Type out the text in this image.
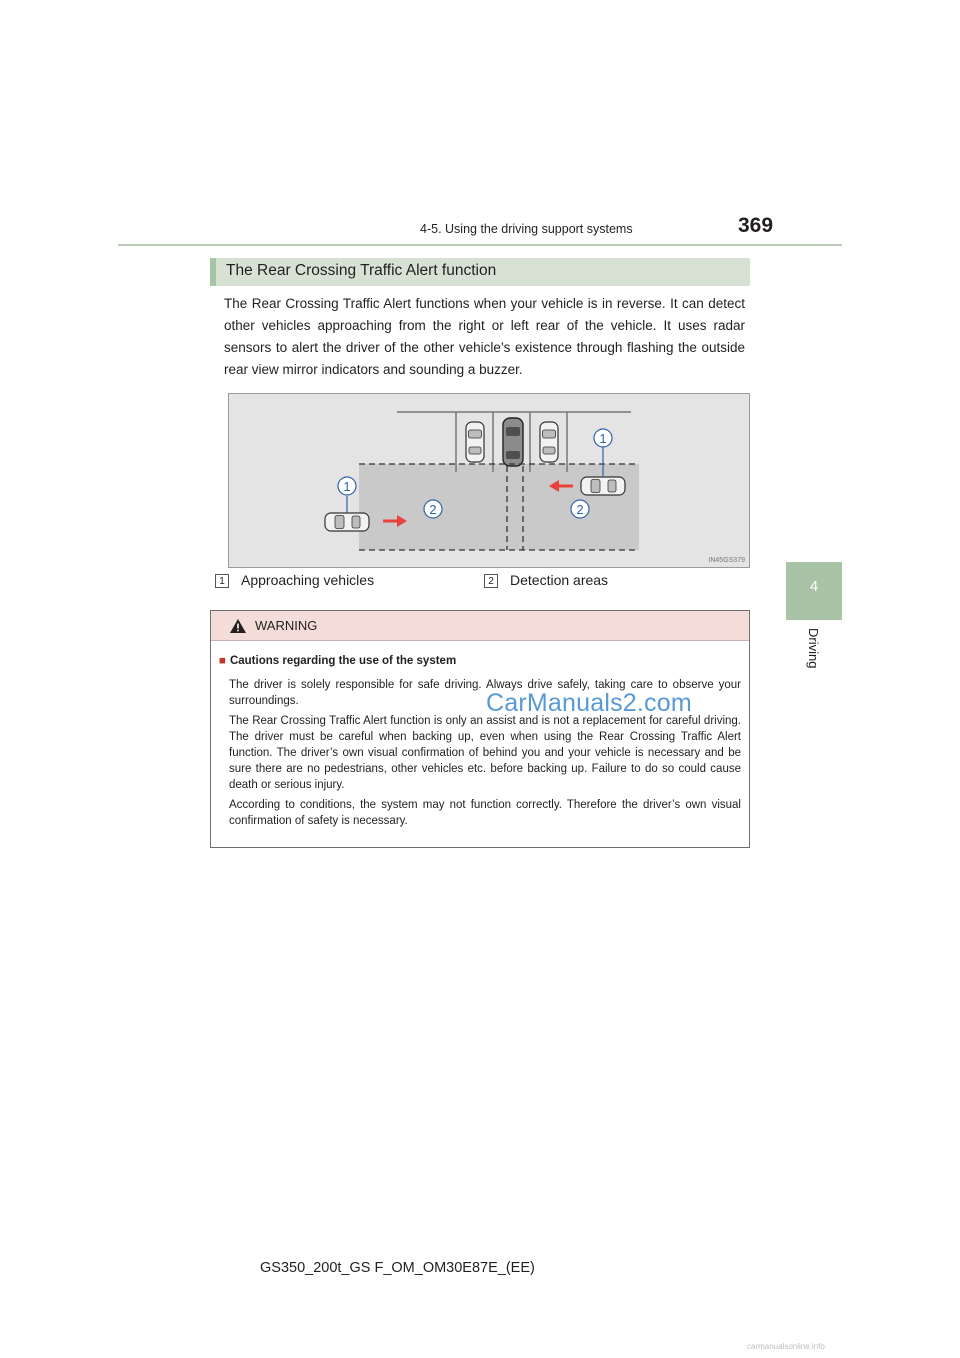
4-5. Using the driving support systems	369
4
Driving
The Rear Crossing Traffic Alert function
The Rear Crossing Traffic Alert functions when your vehicle is in reverse. It can detect other vehicles approaching from the right or left rear of the vehicle. It uses radar sensors to alert the driver of the other vehicle’s existence through flashing the outside rear view mirror indicators and sounding a buzzer.
1
1
2	2
IN45GS379
1 Approaching vehicles	2 Detection areas
WARNING
■ Cautions regarding the use of the system
The driver is solely responsible for safe driving. Always drive safely, taking care to observe your surroundings.
The Rear Crossing Traffic Alert function is only an assist and is not a replacement for careful driving. The driver must be careful when backing up, even when using the Rear Crossing Traffic Alert function. The driver’s own visual confirmation of behind you and your vehicle is necessary and be sure there are no pedestrians, other vehicles etc. before backing up. Failure to do so could cause death or serious injury.
According to conditions, the system may not function correctly. Therefore the driver’s own visual confirmation of safety is necessary.
CarManuals2.com
GS350_200t_GS F_OM_OM30E87E_(EE)
carmanualsonline.info
